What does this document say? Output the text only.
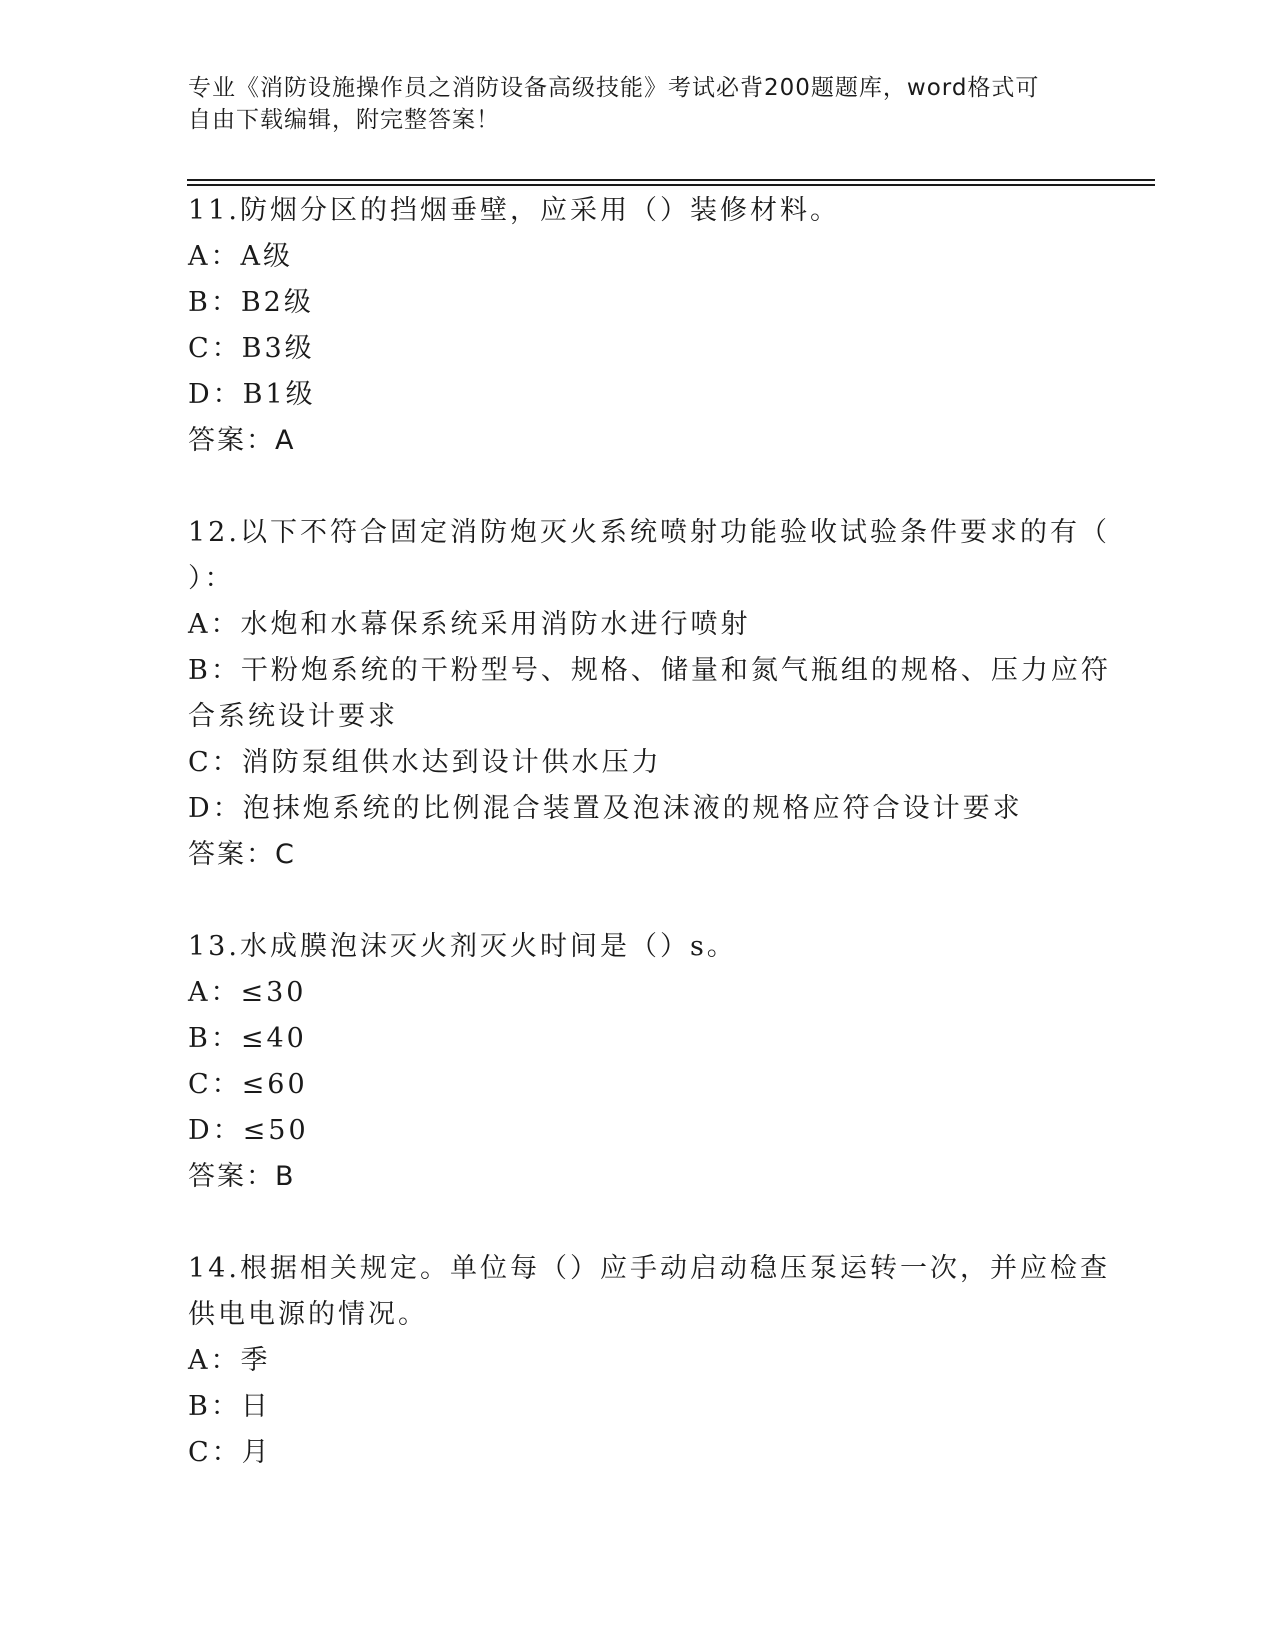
专业《消防设施操作员之消防设备高级技能》考试必背200题题库，word格式可
自由下载编辑，附完整答案！
11.防烟分区的挡烟垂壁，应采用（）装修材料。
A：A级
B：B2级
C：B3级
D：B1级
答案：A
12.以下不符合固定消防炮灭火系统喷射功能验收试验条件要求的有（
）：
A：水炮和水幕保系统采用消防水进行喷射
B：干粉炮系统的干粉型号、规格、储量和氮气瓶组的规格、压力应符
合系统设计要求
C：消防泵组供水达到设计供水压力
D：泡抹炮系统的比例混合装置及泡沫液的规格应符合设计要求
答案：C
13.水成膜泡沫灭火剂灭火时间是（）s。
A：≤30
B：≤40
C：≤60
D：≤50
答案：B
14.根据相关规定。单位每（）应手动启动稳压泵运转一次，并应检查
供电电源的情况。
A：季
B：日
C：月
